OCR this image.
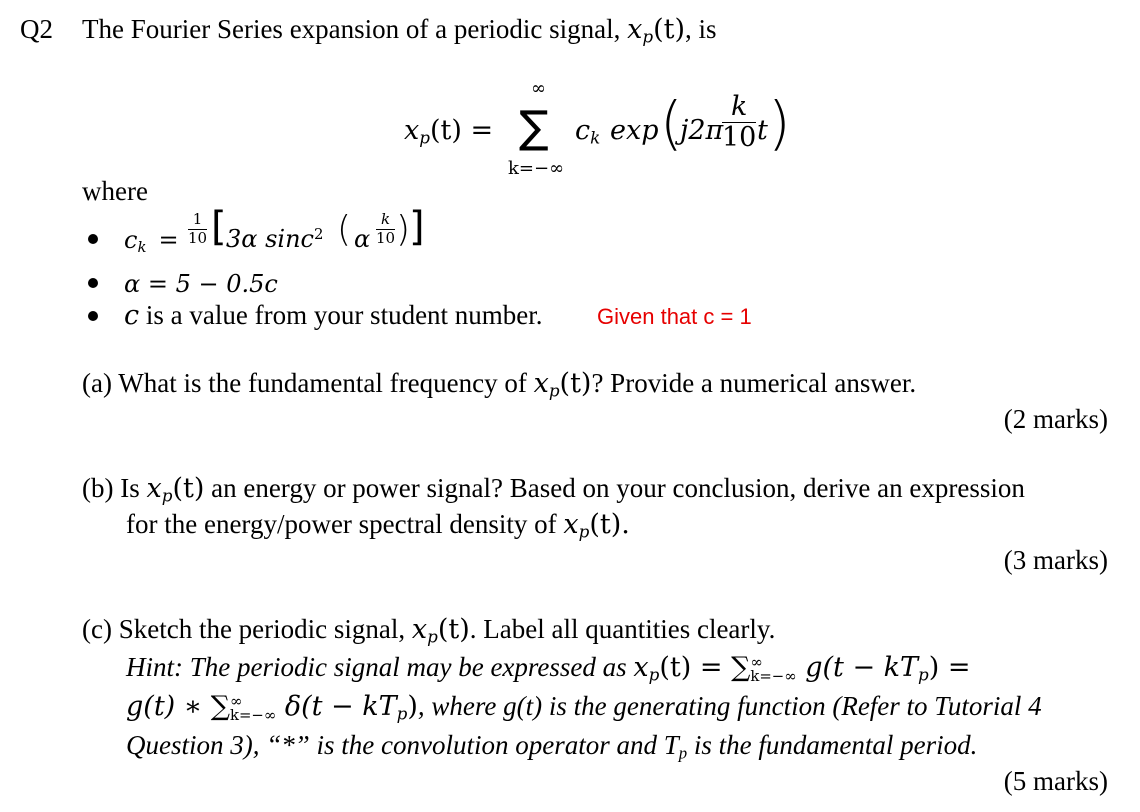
Q2 The Fourier Series expansion of a periodic signal, $x_p(t)$, is
$x_p(t)$ =
∞
∑
k=−∞
$c_k$ exp (
j2π
k
10 t )
where
$c_k$ =
1
10 [ 3α sinc$^2$ ( α
k
10 )
]
α = 5 − 0.5c
c is a value from your student number. Given that c = 1
(a) What is the fundamental frequency of $x_p(t)$? Provide a numerical answer.
(2 marks)
(b) Is $x_p(t)$ an energy or power signal? Based on your conclusion, derive an expression
for the energy/power spectral density of $x_p(t)$.
(3 marks)
(c) Sketch the periodic signal, $x_p(t)$. Label all quantities clearly.
Hint: The periodic signal may be expressed as $x_p(t)$ = ∑ ∞
k=−∞ $g(t - kT_p)$ =
g(t) ∗ ∑ ∞
k=−∞ $\delta(t - kT_p)$, where g(t) is the generating function (Refer to Tutorial 4
Question 3), “*” is the convolution operator and $T_p$ is the fundamental period.
(5 marks)
